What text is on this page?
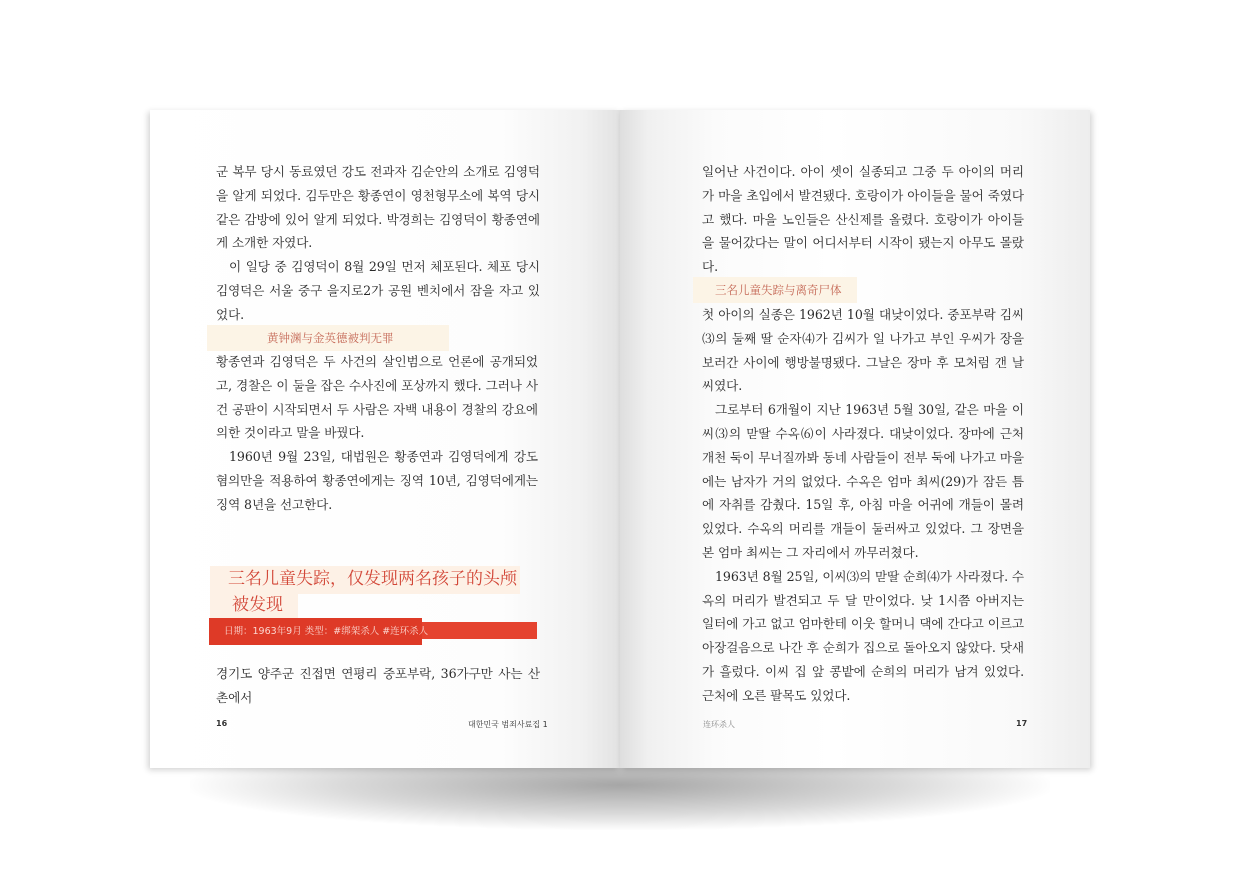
군 복무 당시 동료였던 강도 전과자 김순안의 소개로 김영덕을 알게 되었다. 김두만은 황종연이 영천형무소에 복역 당시 같은 감방에 있어 알게 되었다. 박경희는 김영덕이 황종연에게 소개한 자였다.

이 일당 중 김영덕이 8월 29일 먼저 체포된다. 체포 당시 김영덕은 서울 중구 을지로2가 공원 벤치에서 잠을 자고 있었다.

黄钟渊与金英德被判无罪

황종연과 김영덕은 두 사건의 살인범으로 언론에 공개되었고, 경찰은 이 둘을 잡은 수사진에 포상까지 했다. 그러나 사건 공판이 시작되면서 두 사람은 자백 내용이 경찰의 강요에 의한 것이라고 말을 바꿨다.

1960년 9월 23일, 대법원은 황종연과 김영덕에게 강도 혐의만을 적용하여 황종연에게는 징역 10년, 김영덕에게는 징역 8년을 선고한다.

三名儿童失踪，仅发现两名孩子的头颅
被发现
日期：1963年9月 类型：#绑架杀人 #连环杀人

경기도 양주군 진접면 연평리 중포부락, 36가구만 사는 산촌에서

16	대한민국 범죄사료집 1

일어난 사건이다. 아이 셋이 실종되고 그중 두 아이의 머리가 마을 초입에서 발견됐다. 호랑이가 아이들을 물어 죽였다고 했다. 마을 노인들은 산신제를 올렸다. 호랑이가 아이들을 물어갔다는 말이 어디서부터 시작이 됐는지 아무도 몰랐다.

三名儿童失踪与离奇尸体

첫 아이의 실종은 1962년 10월 대낮이었다. 중포부락 김씨⑶의 둘째 딸 순자⑷가 김씨가 일 나가고 부인 우씨가 장을 보러간 사이에 행방불명됐다. 그날은 장마 후 모처럼 갠 날씨였다.

그로부터 6개월이 지난 1963년 5월 30일, 같은 마을 이씨⑶의 맏딸 수옥⑹이 사라졌다. 대낮이었다. 장마에 근처 개천 둑이 무너질까봐 동네 사람들이 전부 둑에 나가고 마을에는 남자가 거의 없었다. 수옥은 엄마 최씨(29)가 잠든 틈에 자취를 감췄다. 15일 후, 아침 마을 어귀에 개들이 몰려 있었다. 수옥의 머리를 개들이 둘러싸고 있었다. 그 장면을 본 엄마 최씨는 그 자리에서 까무러쳤다.

1963년 8월 25일, 이씨⑶의 맏딸 순희⑷가 사라졌다. 수옥의 머리가 발견되고 두 달 만이었다. 낮 1시쯤 아버지는 일터에 가고 없고 엄마한테 이웃 할머니 댁에 간다고 이르고 아장걸음으로 나간 후 순희가 집으로 돌아오지 않았다. 닷새가 흘렀다. 이씨 집 앞 콩밭에 순희의 머리가 남겨 있었다. 근처에 오른 팔목도 있었다.

连环杀人	17
